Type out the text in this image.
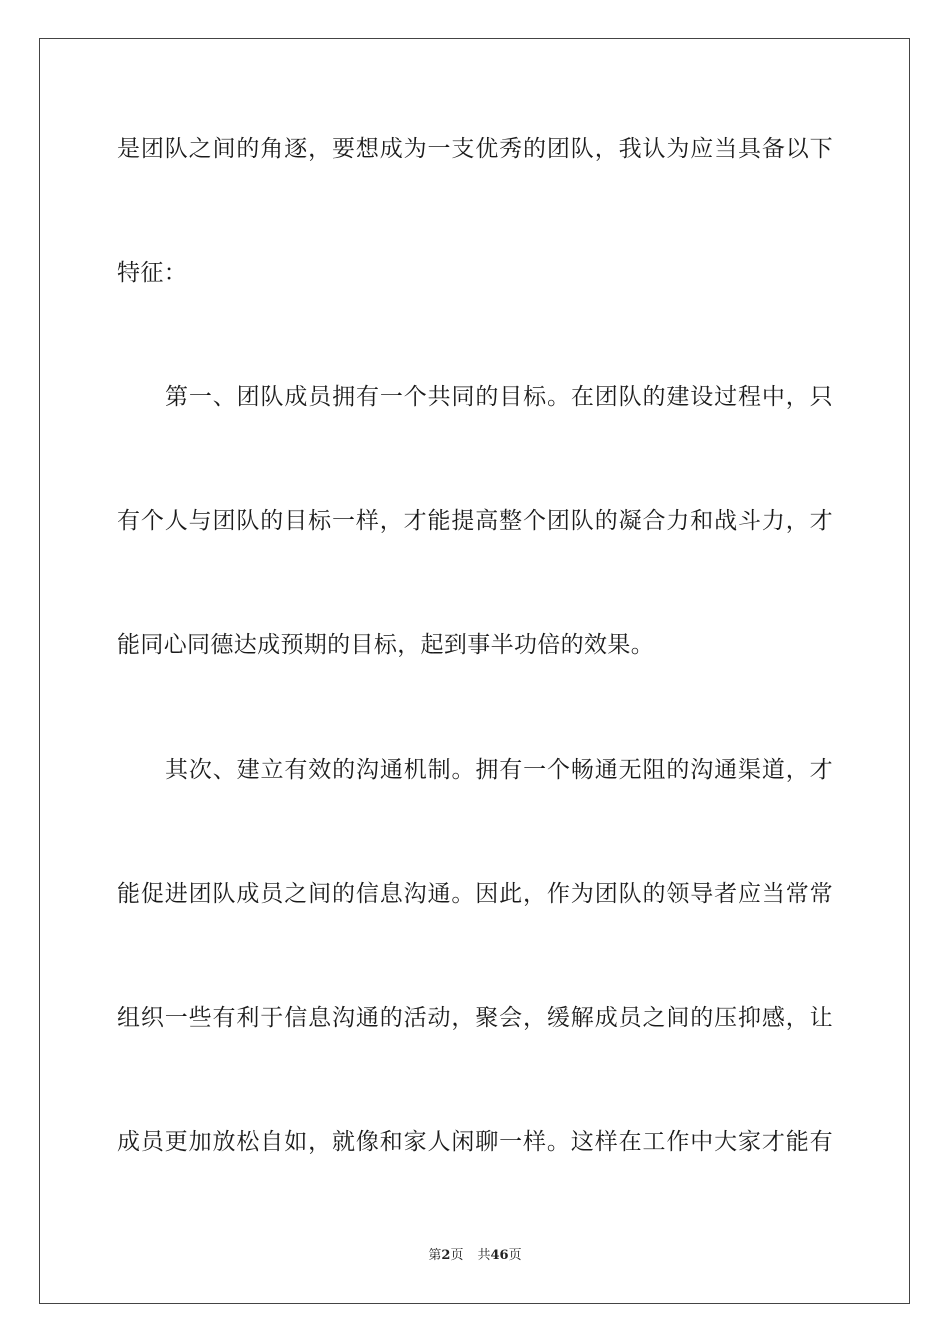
是团队之间的角逐，要想成为一支优秀的团队，我认为应当具备以下
特征：
第一、团队成员拥有一个共同的目标。在团队的建设过程中，只
有个人与团队的目标一样，才能提高整个团队的凝合力和战斗力，才
能同心同德达成预期的目标，起到事半功倍的效果。
其次、建立有效的沟通机制。拥有一个畅通无阻的沟通渠道，才
能促进团队成员之间的信息沟通。因此，作为团队的领导者应当常常
组织一些有利于信息沟通的活动，聚会，缓解成员之间的压抑感，让
成员更加放松自如，就像和家人闲聊一样。这样在工作中大家才能有
第2页 共46页
